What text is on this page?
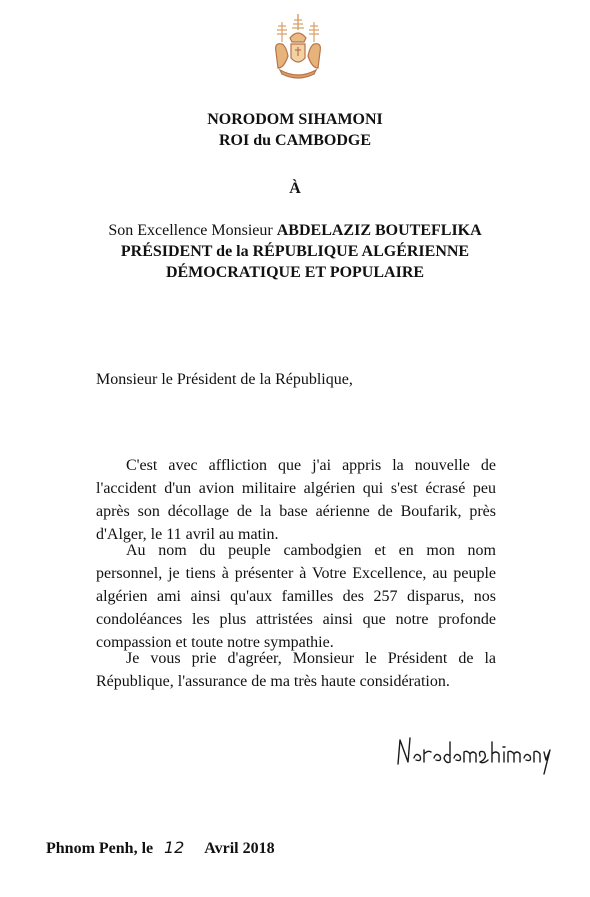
NORODOM SIHAMONI
ROI du CAMBODGE
À
Son Excellence Monsieur ABDELAZIZ BOUTEFLIKA
PRÉSIDENT de la RÉPUBLIQUE ALGÉRIENNE
DÉMOCRATIQUE ET POPULAIRE
Monsieur le Président de la République,

C'est avec affliction que j'ai appris la nouvelle de l'accident d'un avion militaire algérien qui s'est écrasé peu après son décollage de la base aérienne de Boufarik, près d'Alger, le 11 avril au matin.

Au nom du peuple cambodgien et en mon nom personnel, je tiens à présenter à Votre Excellence, au peuple algérien ami ainsi qu'aux familles des 257 disparus, nos condoléances les plus attristées ainsi que notre profonde compassion et toute notre sympathie.

Je vous prie d'agréer, Monsieur le Président de la République, l'assurance de ma très haute considération.

Phnom Penh, le 12 Avril 2018
